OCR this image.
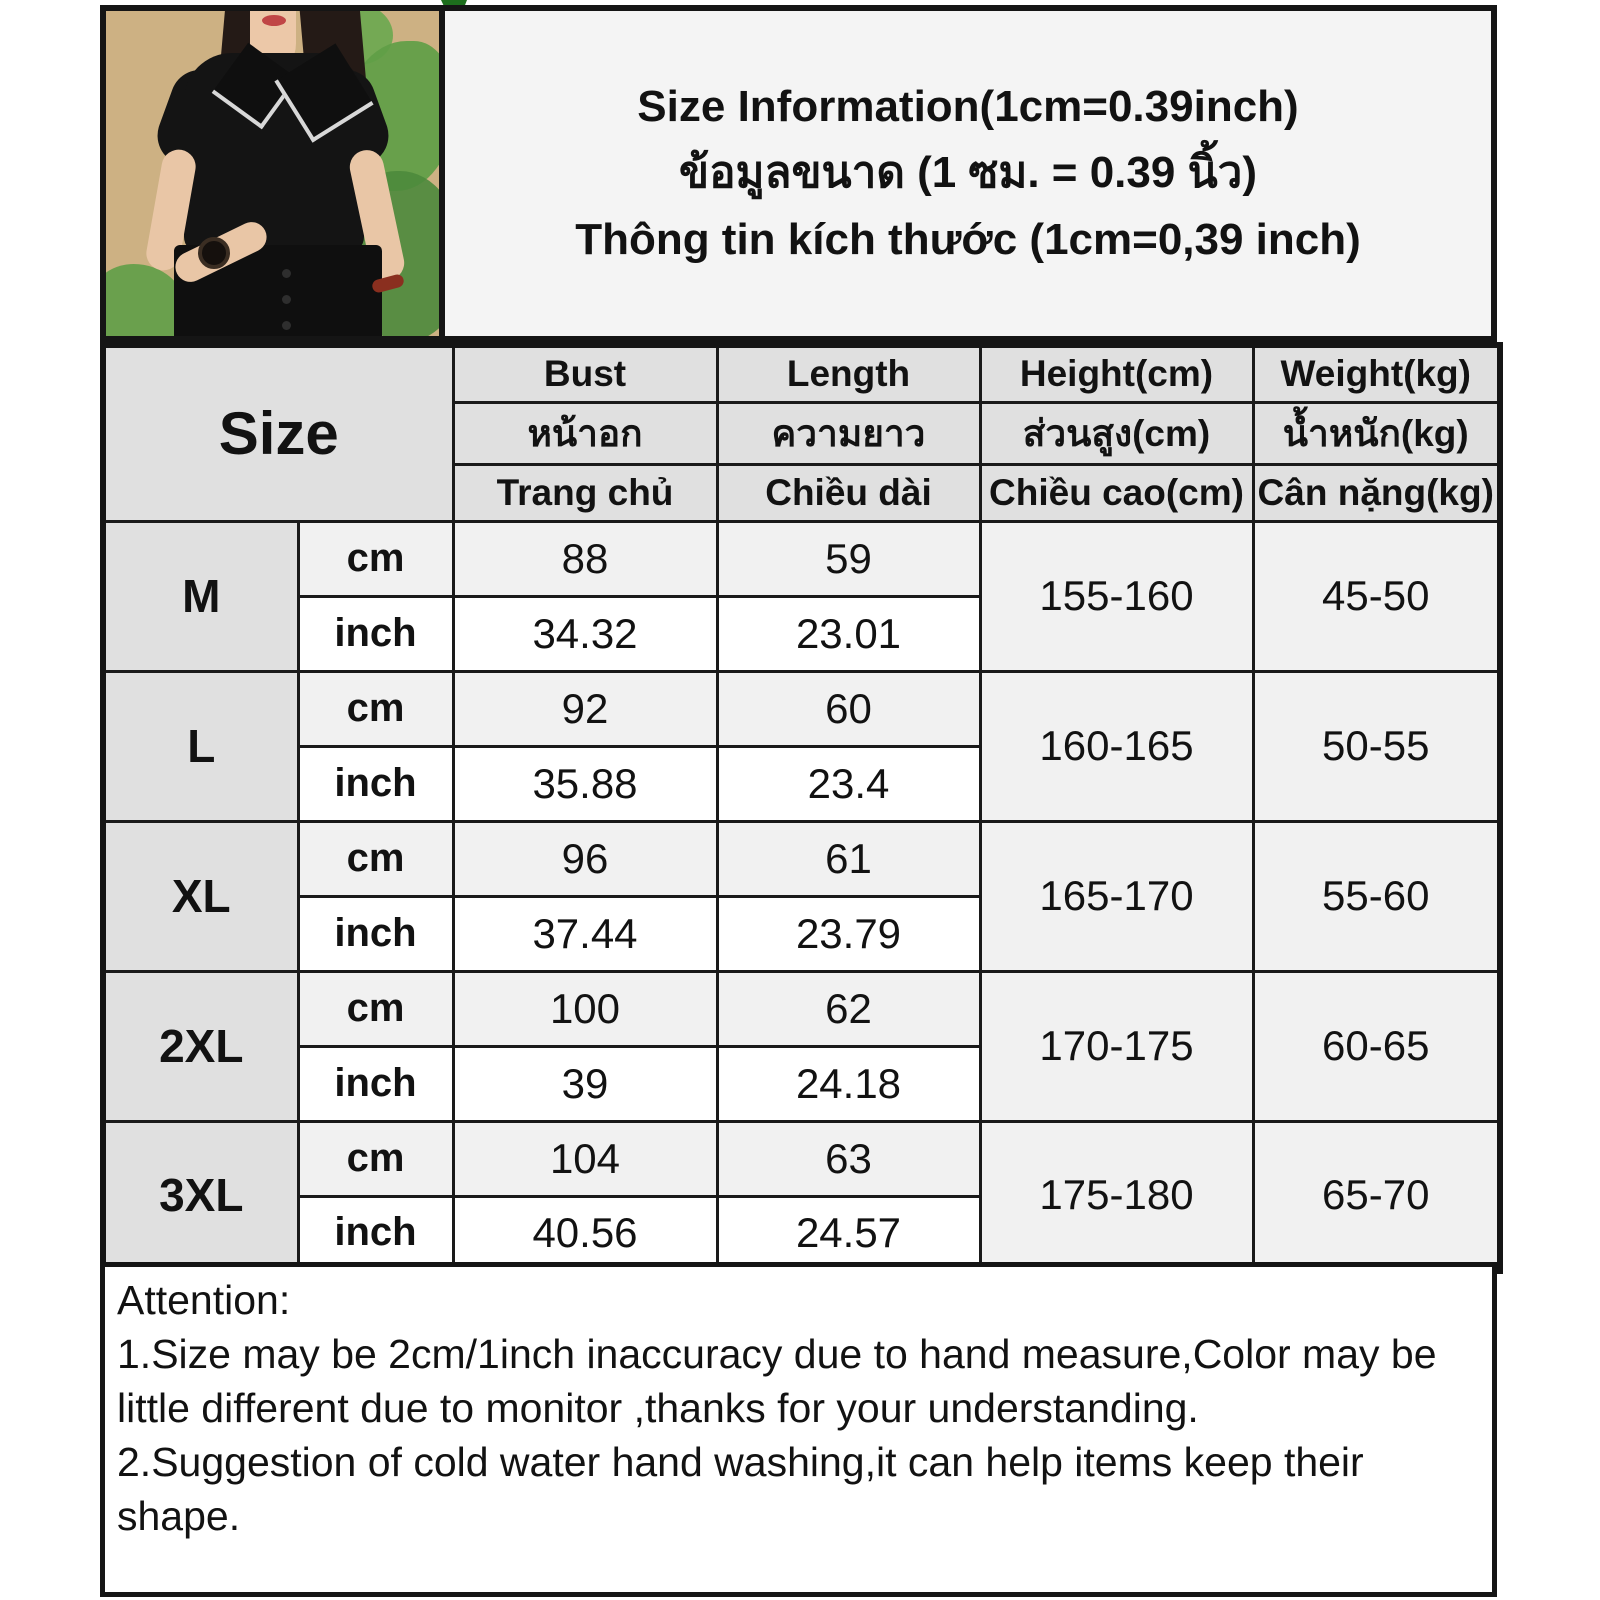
Size Information(1cm=0.39inch)
ข้อมูลขนาด (1 ซม. = 0.39 นิ้ว)
Thông tin kích thước (1cm=0,39 inch)
Size		Bust	Length	Height(cm)	Weight(kg)
		หน้าอก	ความยาว	ส่วนสูง(cm)	น้ำหนัก(kg)
		Trang chủ	Chiều dài	Chiều cao(cm)	Cân nặng(kg)
M	cm	88	59	155-160	45-50
	inch	34.32	23.01		
L	cm	92	60	160-165	50-55
	inch	35.88	23.4		
XL	cm	96	61	165-170	55-60
	inch	37.44	23.79		
2XL	cm	100	62	170-175	60-65
	inch	39	24.18		
3XL	cm	104	63	175-180	65-70
	inch	40.56	24.57		

Attention:

1.Size may be 2cm/1inch inaccuracy due to hand measure,Color may be little different due to monitor ,thanks for your understanding.

2.Suggestion of cold water hand washing,it can help items keep their shape.
